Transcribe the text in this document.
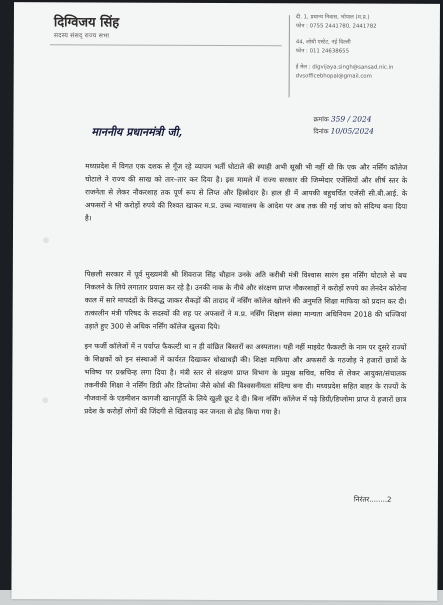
दिग्विजय सिंह
सदस्य संसद् राज्य सभा
दी. 1, प्रधान्य निवास, भोपाल (म.प्र.)
फोन : 0755 2441780, 2441782
44, लोधी एस्टेट, नई दिल्ली
फोन : 011 24638655
ई मेल : digvijaya.singh@sansad.nic.in
dvsofficebhopal@gmail.com
क्रमांक 359 / 2024
दिनांक 10/05/2024
माननीय प्रधानमंत्री जी,
मध्यप्रदेश में विगत एक दशक से गूँज रहे व्यापम भर्ती घोटाले की स्याही अभी सूखी भी नहीं थी कि एक और नर्सिंग कॉलेज घोटाले ने राज्य की साख को तार–तार कर दिया है। इस मामले में राज्य सरकार की जिम्मेदार एजेंसियों और शीर्ष स्तर के राजनेता से लेकर नौकरशाह तक पूर्ण रूप से लिप्त और हिस्सेदार है। हाल ही में आपकी बहुचर्चित एजेंसी सी.बी.आई. के अफसरों ने भी करोड़ों रुपये की रिश्वत खाकर म.प्र. उच्च न्यायालय के आदेश पर अब तक की गई जांच को संदिग्ध बना दिया है।
पिछली सरकार में पूर्व मुख्यमंत्री श्री शिवराज सिंह चौहान उनके अति करीबी मंत्री विश्वास सारंग इस नर्सिंग घोटाले से बच निकलने के लिये लगातार प्रयास कर रहे है। उनकी नाक के नीचे और संरक्षण प्राप्त नौकरशाहों ने करोड़ों रुपये का लेनदेन कोरोना काल में सारे मापदंडों के विरूद्ध जाकर सैकड़ों की तादाद में नर्सिंग कॉलेज खोलने की अनुमति शिक्षा माफिया को प्रदान कर दी। तत्कालीन मंत्री परिषद के सदस्यों की शह पर अफसरों ने म.प्र. नर्सिंग शिक्षण संस्था मान्यता अधिनियम 2018 की धज्जियां उड़ाते हुए 300 से अधिक नर्सिंग कॉलेज खुलवा दिये।
इन फर्जी कॉलेजों में न पर्याप्त फैकल्टी था न ही वांछित बिस्तरों का अस्पताल। यही नहीं माइग्रेट फैकल्टी के नाम पर दूसरे राज्यों के शिक्षकों को इन संस्थाओं में कार्यरत दिखाकर धोखाधड़ी की। शिक्षा माफिया और अफसरों के गठजोड़ ने हजारों छात्रों के भविष्य पर प्रश्नचिन्ह लगा दिया है। मंत्री स्तर से संरक्षण प्राप्त विभाग के प्रमुख सचिव, सचिव से लेकर आयुक्त/संचालक तकनीकी शिक्षा ने नर्सिंग डिग्री और डिप्लोमा जैसे कोर्स की विश्वसनीयता संदिग्ध बना दी। मध्यप्रदेश सहित बाहर के राज्यों के नौजवानों के एडमीशन कागजी खानापूर्ति के लिये खुली छूट दे दी। बिना नर्सिंग कॉलेज में पढ़े डिग्री/डिप्लोमा प्राप्त ये हजारों छात्र प्रदेश के करोड़ों लोगों की जिंदगी से खिलवाड़ कर जनता से द्रोह किया गया है।
निरंतर........2
